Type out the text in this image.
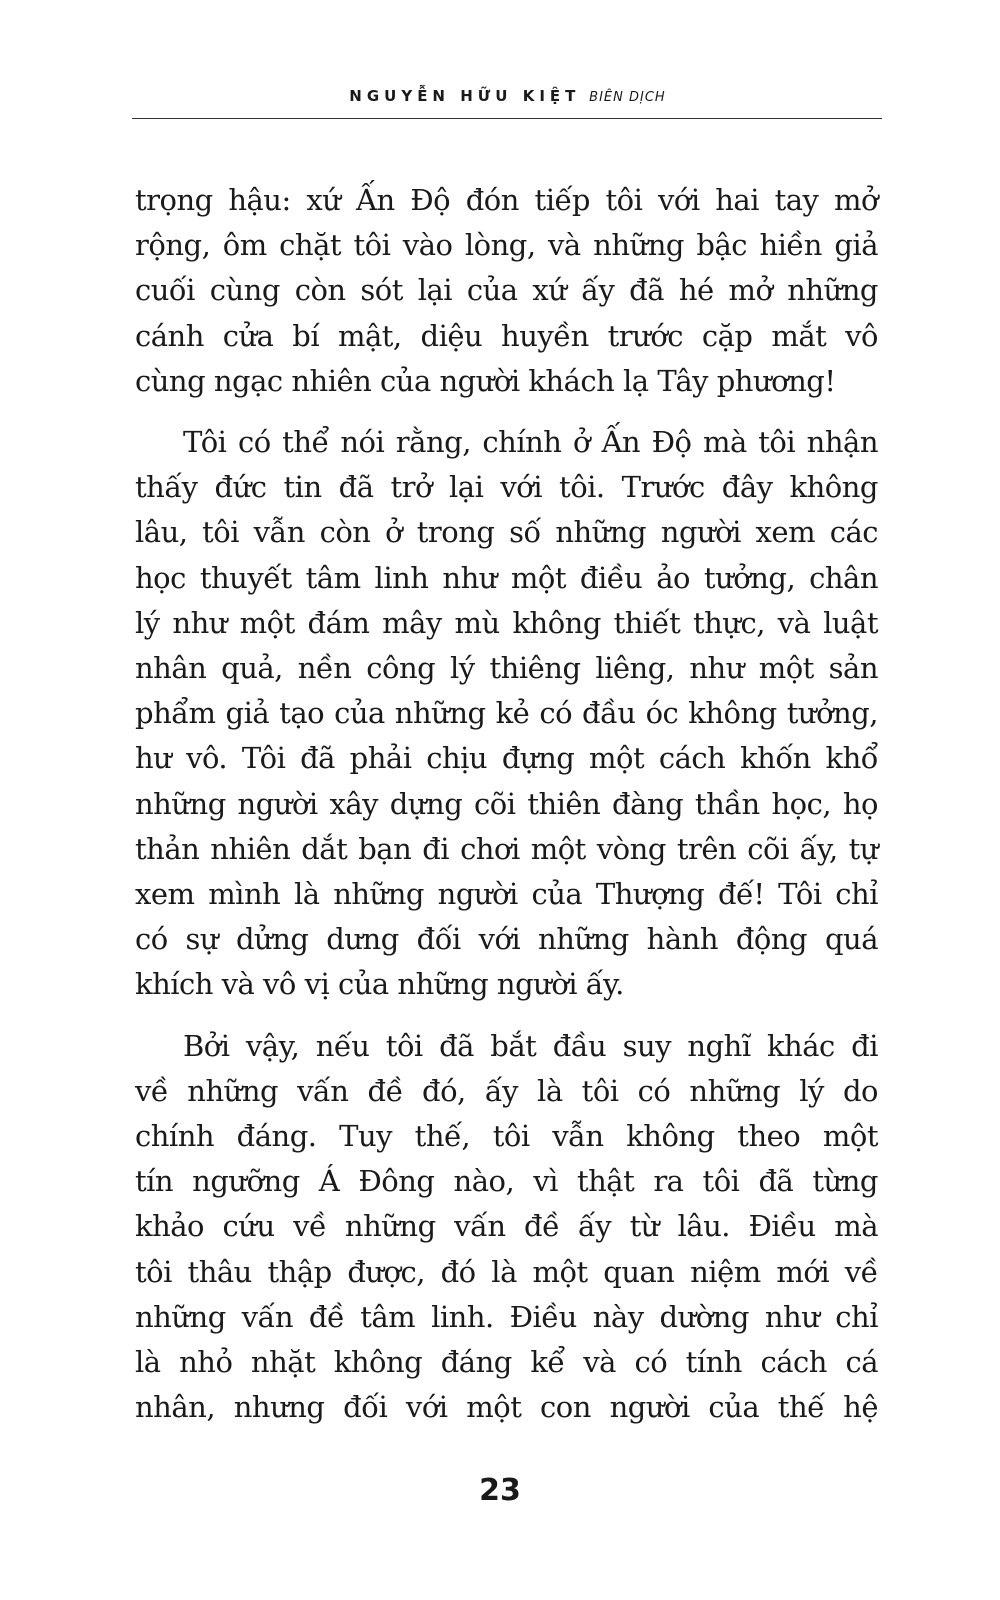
NGUYỄN HỮU KIỆT BIÊN DỊCH

trọng hậu: xứ Ấn Độ đón tiếp tôi với hai tay mở

rộng, ôm chặt tôi vào lòng, và những bậc hiền giả

cuối cùng còn sót lại của xứ ấy đã hé mở những

cánh cửa bí mật, diệu huyền trước cặp mắt vô

cùng ngạc nhiên của người khách lạ Tây phương!

Tôi có thể nói rằng, chính ở Ấn Độ mà tôi nhận

thấy đức tin đã trở lại với tôi. Trước đây không

lâu, tôi vẫn còn ở trong số những người xem các

học thuyết tâm linh như một điều ảo tưởng, chân

lý như một đám mây mù không thiết thực, và luật

nhân quả, nền công lý thiêng liêng, như một sản

phẩm giả tạo của những kẻ có đầu óc không tưởng,

hư vô. Tôi đã phải chịu đựng một cách khốn khổ

những người xây dựng cõi thiên đàng thần học, họ

thản nhiên dắt bạn đi chơi một vòng trên cõi ấy, tự

xem mình là những người của Thượng đế! Tôi chỉ

có sự dửng dưng đối với những hành động quá

khích và vô vị của những người ấy.

Bởi vậy, nếu tôi đã bắt đầu suy nghĩ khác đi

về những vấn đề đó, ấy là tôi có những lý do

chính đáng. Tuy thế, tôi vẫn không theo một

tín ngưỡng Á Đông nào, vì thật ra tôi đã từng

khảo cứu về những vấn đề ấy từ lâu. Điều mà

tôi thâu thập được, đó là một quan niệm mới về

những vấn đề tâm linh. Điều này dường như chỉ

là nhỏ nhặt không đáng kể và có tính cách cá

nhân, nhưng đối với một con người của thế hệ

23
